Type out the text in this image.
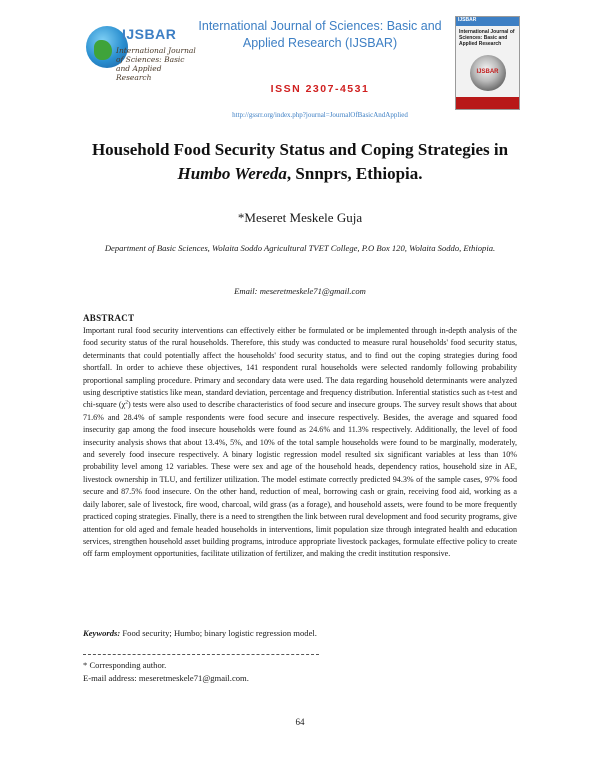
IJSBAR
International Journal of Sciences: Basic and Applied Research
International Journal of Sciences: Basic and Applied Research (IJSBAR)
ISSN 2307-4531
http://gssrr.org/index.php?journal=JournalOfBasicAndApplied
IJSBAR
International Journal of Sciences: Basic and Applied Research
IJSBAR
Household Food Security Status and Coping Strategies in
Humbo Wereda, Snnprs, Ethiopia.
*Meseret Meskele Guja
Department of Basic Sciences, Wolaita Soddo Agricultural TVET College, P.O Box 120, Wolaita Soddo, Ethiopia.
Email: meseretmeskele71@gmail.com
ABSTRACT

Important rural food security interventions can effectively either be formulated or be implemented through in-depth analysis of the food security status of the rural households. Therefore, this study was conducted to measure rural households' food security status, determinants that could potentially affect the households' food security status, and to find out the coping strategies during food shortfall. In order to achieve these objectives, 141 respondent rural households were selected randomly following probability proportional sampling procedure. Primary and secondary data were used. The data regarding household determinants were analyzed using descriptive statistics like mean, standard deviation, percentage and frequency distribution. Inferential statistics such as t-test and chi-square $(\chi^2)$ tests were also used to describe characteristics of food secure and insecure groups. The survey result shows that about 71.6% and 28.4% of sample respondents were food secure and insecure respectively. Besides, the average and squared food insecurity gap among the food insecure households were found as 24.6% and 11.3% respectively. Additionally, the level of food insecurity analysis shows that about 13.4%, 5%, and 10% of the total sample households were found to be marginally, moderately, and severely food insecure respectively. A binary logistic regression model resulted six significant variables at less than 10% probability level among 12 variables. These were sex and age of the household heads, dependency ratios, household size in AE, livestock ownership in TLU, and fertilizer utilization. The model estimate correctly predicted 94.3% of the sample cases, 97% food secure and 87.5% food insecure. On the other hand, reduction of meal, borrowing cash or grain, receiving food aid, working as a daily laborer, sale of livestock, fire wood, charcoal, wild grass (as a forage), and household assets, were found to be more frequently practiced coping strategies. Finally, there is a need to strengthen the link between rural development and food security programs, give attention for old aged and female headed households in interventions, limit population size through integrated health and education services, strengthen household asset building programs, introduce appropriate livestock packages, formulate effective policy to create off farm employment opportunities, facilitate utilization of fertilizer, and making the credit institution responsive.

Keywords: Food security; Humbo; binary logistic regression model.
* Corresponding author.
E-mail address: meseretmeskele71@gmail.com.
64
